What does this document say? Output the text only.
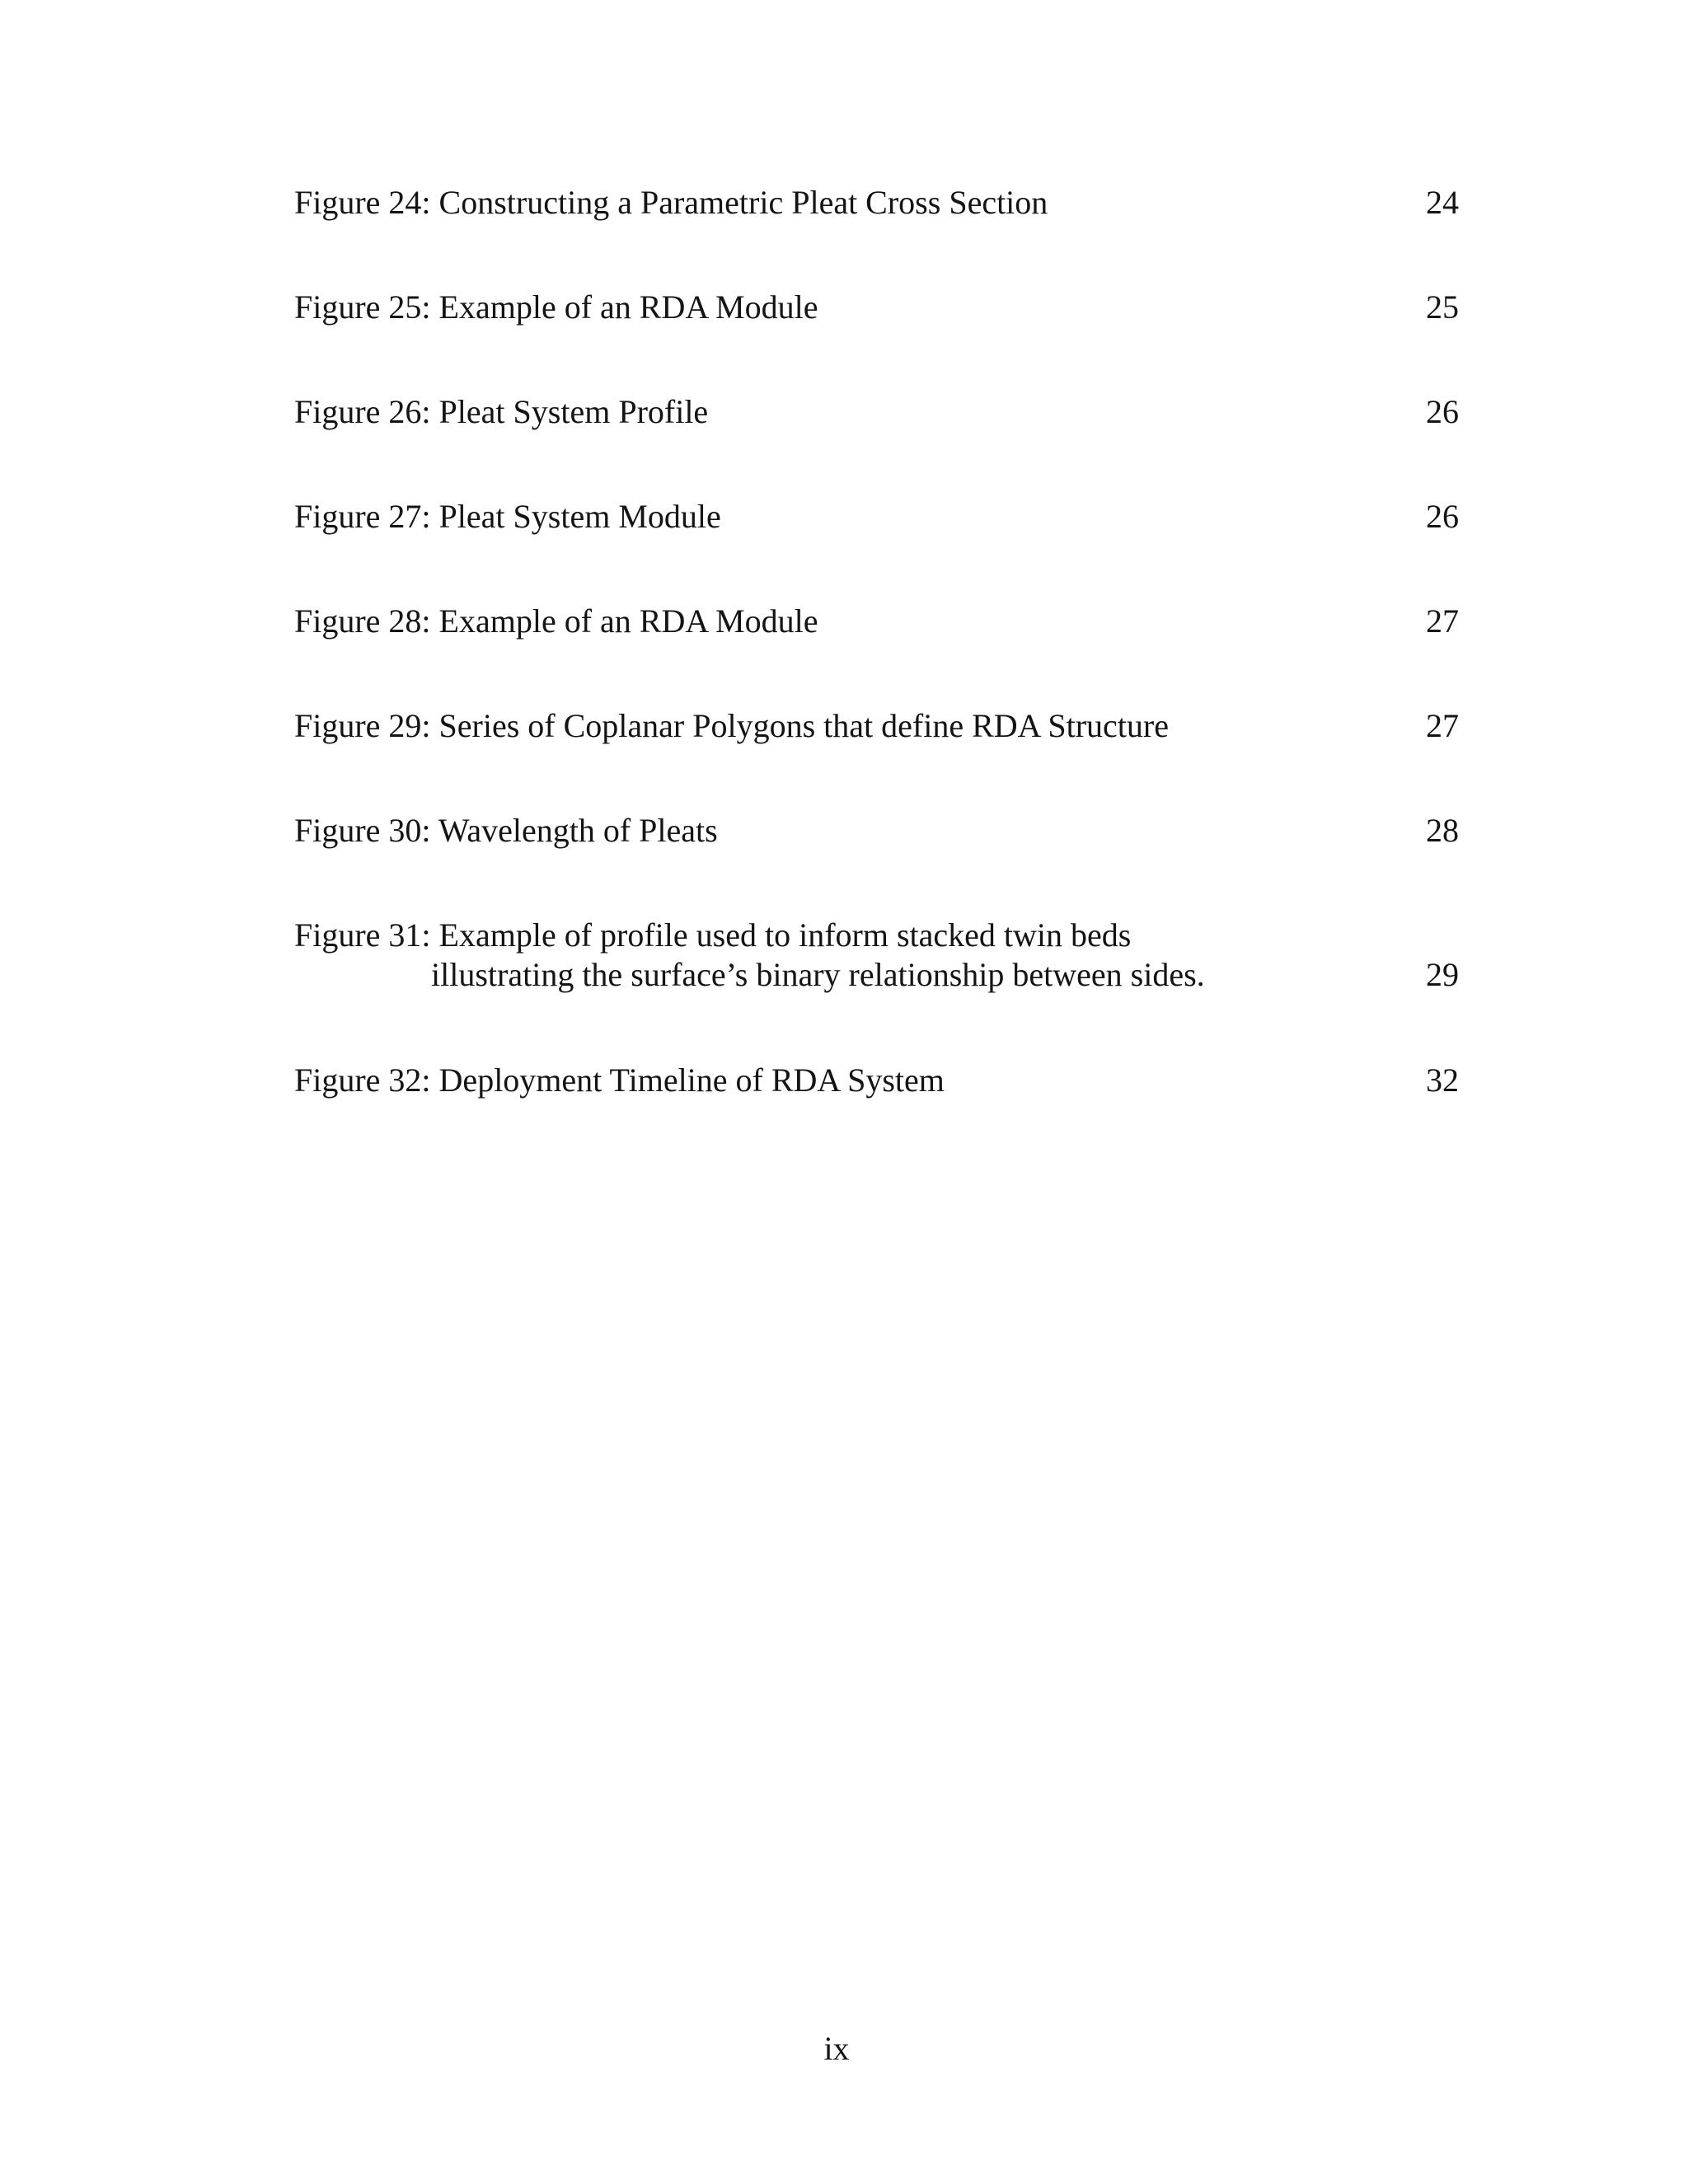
Figure 24: Constructing a Parametric Pleat Cross Section	24
Figure 25: Example of an RDA Module	25
Figure 26: Pleat System Profile	26
Figure 27: Pleat System Module	26
Figure 28: Example of an RDA Module	27
Figure 29: Series of Coplanar Polygons that define RDA Structure	27
Figure 30: Wavelength of Pleats	28
Figure 31: Example of profile used to inform stacked twin beds
illustrating the surface’s binary relationship between sides.	29
Figure 32: Deployment Timeline of RDA System	32
ix
